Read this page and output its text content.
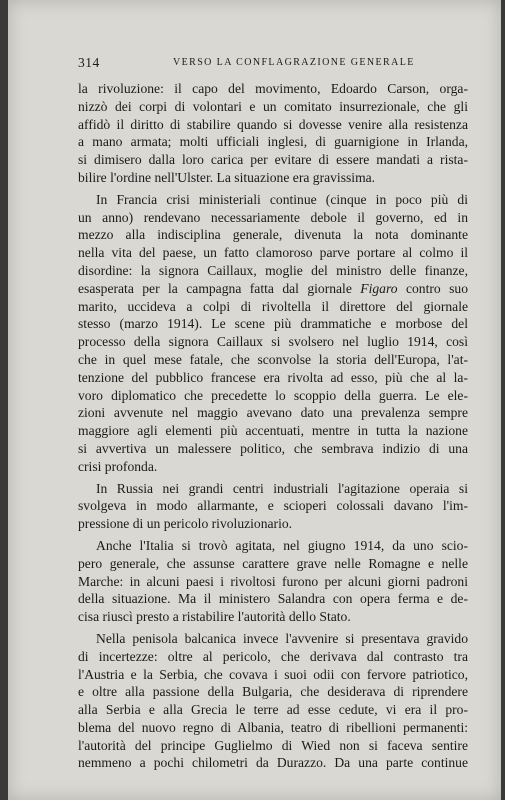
314	VERSO LA CONFLAGRAZIONE GENERALE
la rivoluzione: il capo del movimento, Edoardo Carson, orga-
nizzò dei corpi di volontari e un comitato insurrezionale, che gli
affidò il diritto di stabilire quando si dovesse venire alla resistenza
a mano armata; molti ufficiali inglesi, di guarnigione in Irlanda,
si dimisero dalla loro carica per evitare di essere mandati a rista-
bilire l'ordine nell'Ulster. La situazione era gravissima.
In Francia crisi ministeriali continue (cinque in poco più di
un anno) rendevano necessariamente debole il governo, ed in
mezzo alla indisciplina generale, divenuta la nota dominante
nella vita del paese, un fatto clamoroso parve portare al colmo il
disordine: la signora Caillaux, moglie del ministro delle finanze,
esasperata per la campagna fatta dal giornale Figaro contro suo
marito, uccideva a colpi di rivoltella il direttore del giornale
stesso (marzo 1914). Le scene più drammatiche e morbose del
processo della signora Caillaux si svolsero nel luglio 1914, così
che in quel mese fatale, che sconvolse la storia dell'Europa, l'at-
tenzione del pubblico francese era rivolta ad esso, più che al la-
voro diplomatico che precedette lo scoppio della guerra. Le ele-
zioni avvenute nel maggio avevano dato una prevalenza sempre
maggiore agli elementi più accentuati, mentre in tutta la nazione
si avvertiva un malessere politico, che sembrava indizio di una
crisi profonda.
In Russia nei grandi centri industriali l'agitazione operaia si
svolgeva in modo allarmante, e scioperi colossali davano l'im-
pressione di un pericolo rivoluzionario.
Anche l'Italia si trovò agitata, nel giugno 1914, da uno scio-
pero generale, che assunse carattere grave nelle Romagne e nelle
Marche: in alcuni paesi i rivoltosi furono per alcuni giorni padroni
della situazione. Ma il ministero Salandra con opera ferma e de-
cisa riuscì presto a ristabilire l'autorità dello Stato.
Nella penisola balcanica invece l'avvenire si presentava gravido
di incertezze: oltre al pericolo, che derivava dal contrasto tra
l'Austria e la Serbia, che covava i suoi odii con fervore patriotico,
e oltre alla passione della Bulgaria, che desiderava di riprendere
alla Serbia e alla Grecia le terre ad esse cedute, vi era il pro-
blema del nuovo regno di Albania, teatro di ribellioni permanenti:
l'autorità del principe Guglielmo di Wied non si faceva sentire
nemmeno a pochi chilometri da Durazzo. Da una parte continue
